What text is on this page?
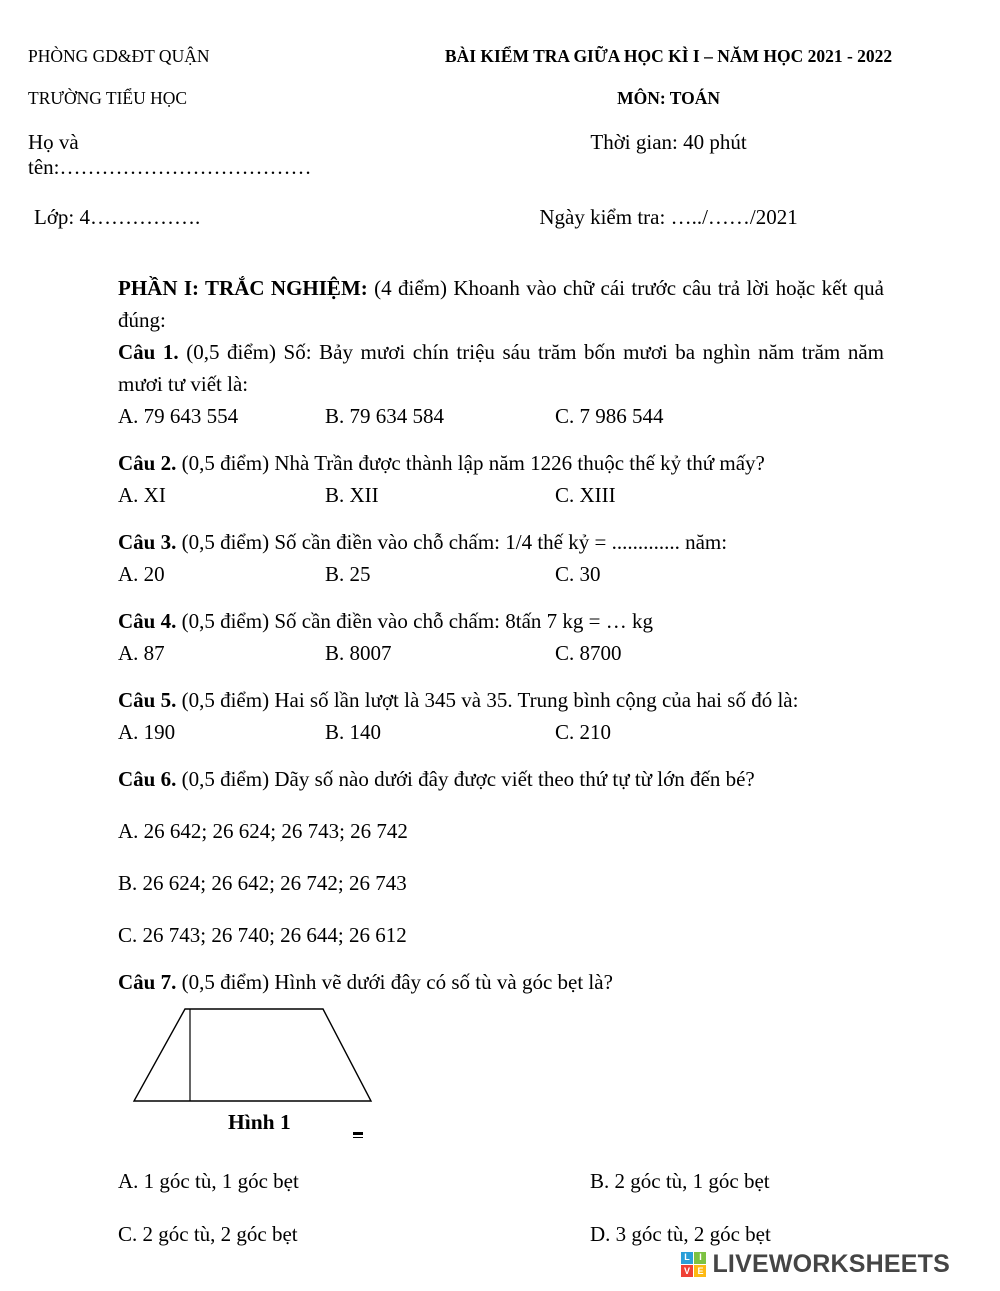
PHÒNG GD&ĐT QUẬN	BÀI KIỂM TRA GIỮA HỌC KÌ I – NĂM HỌC 2021 - 2022
TRƯỜNG TIỂU HỌC	MÔN: TOÁN
Họ và tên:………………………………
Thời gian: 40 phút
Lớp: 4…………….	Ngày kiểm tra: …../……/2021

PHẦN I: TRẮC NGHIỆM: (4 điểm) Khoanh vào chữ cái trước câu trả lời hoặc kết quả đúng:

Câu 1. (0,5 điểm) Số: Bảy mươi chín triệu sáu trăm bốn mươi ba nghìn năm trăm năm mươi tư viết là:

A. 79 643 554	B. 79 634 584	C. 7 986 544

Câu 2. (0,5 điểm) Nhà Trần được thành lập năm 1226 thuộc thế kỷ thứ mấy?

A. XI	B. XII	C. XIII

Câu 3. (0,5 điểm) Số cần điền vào chỗ chấm: 1/4 thế kỷ = ............. năm:

A. 20	B. 25	C. 30

Câu 4. (0,5 điểm) Số cần điền vào chỗ chấm: 8tấn 7 kg = … kg

A. 87	B. 8007	C. 8700

Câu 5. (0,5 điểm) Hai số lần lượt là 345 và 35. Trung bình cộng của hai số đó là:

A. 190	B. 140	C. 210

Câu 6. (0,5 điểm) Dãy số nào dưới đây được viết theo thứ tự từ lớn đến bé?

A. 26 642; 26 624; 26 743; 26 742
B. 26 624; 26 642; 26 742; 26 743
C. 26 743; 26 740; 26 644; 26 612

Câu 7. (0,5 điểm) Hình vẽ dưới đây có số tù và góc bẹt là?

Hình 1
A. 1 góc tù, 1 góc bẹt	B. 2 góc tù, 1 góc bẹt
C. 2 góc tù, 2 góc bẹt	D. 3 góc tù, 2 góc bẹt
L	I
V E LIVEWORKSHEETS
